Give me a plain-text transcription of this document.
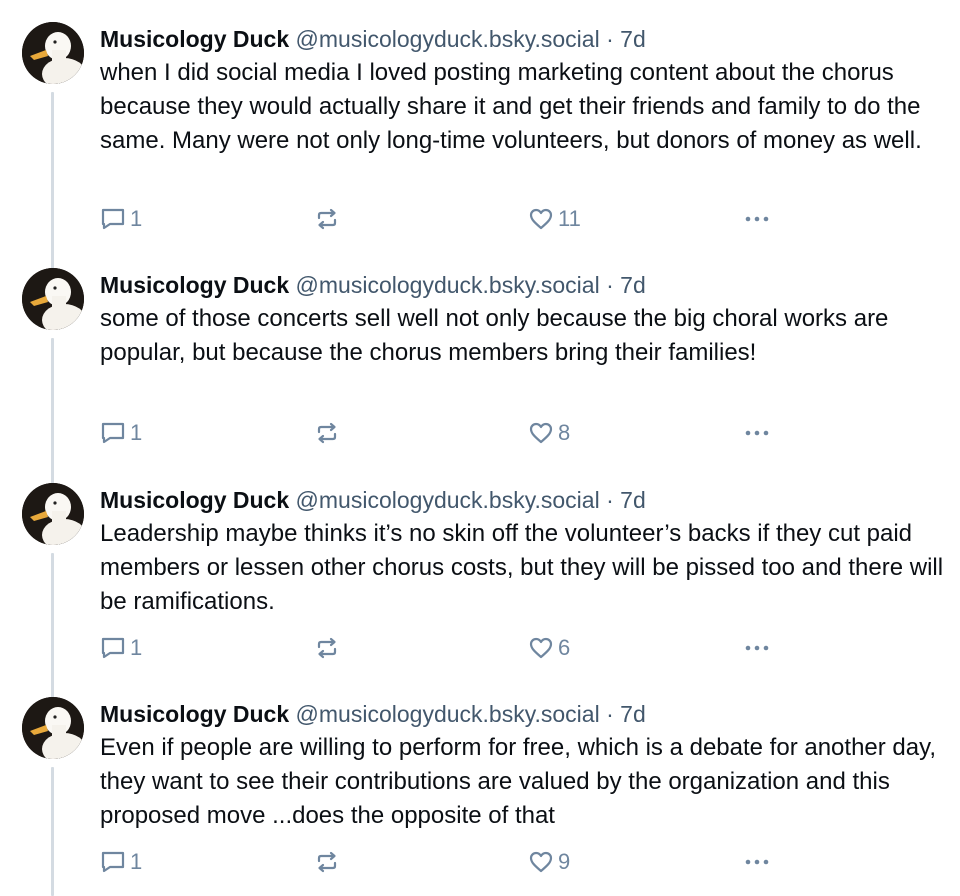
Musicology Duck @musicologyduck.bsky.social · 7d
when I did social media I loved posting marketing content about the chorus because they would actually share it and get their friends and family to do the same. Many were not only long-time volunteers, but donors of money as well.
1	11
Musicology Duck @musicologyduck.bsky.social · 7d
some of those concerts sell well not only because the big choral works are popular, but because the chorus members bring their families!
1	8
Musicology Duck @musicologyduck.bsky.social · 7d
Leadership maybe thinks it’s no skin off the volunteer’s backs if they cut paid members or lessen other chorus costs, but they will be pissed too and there will be ramifications.
1	6
Musicology Duck @musicologyduck.bsky.social · 7d
Even if people are willing to perform for free, which is a debate for another day, they want to see their contributions are valued by the organization and this proposed move ...does the opposite of that
1	9
